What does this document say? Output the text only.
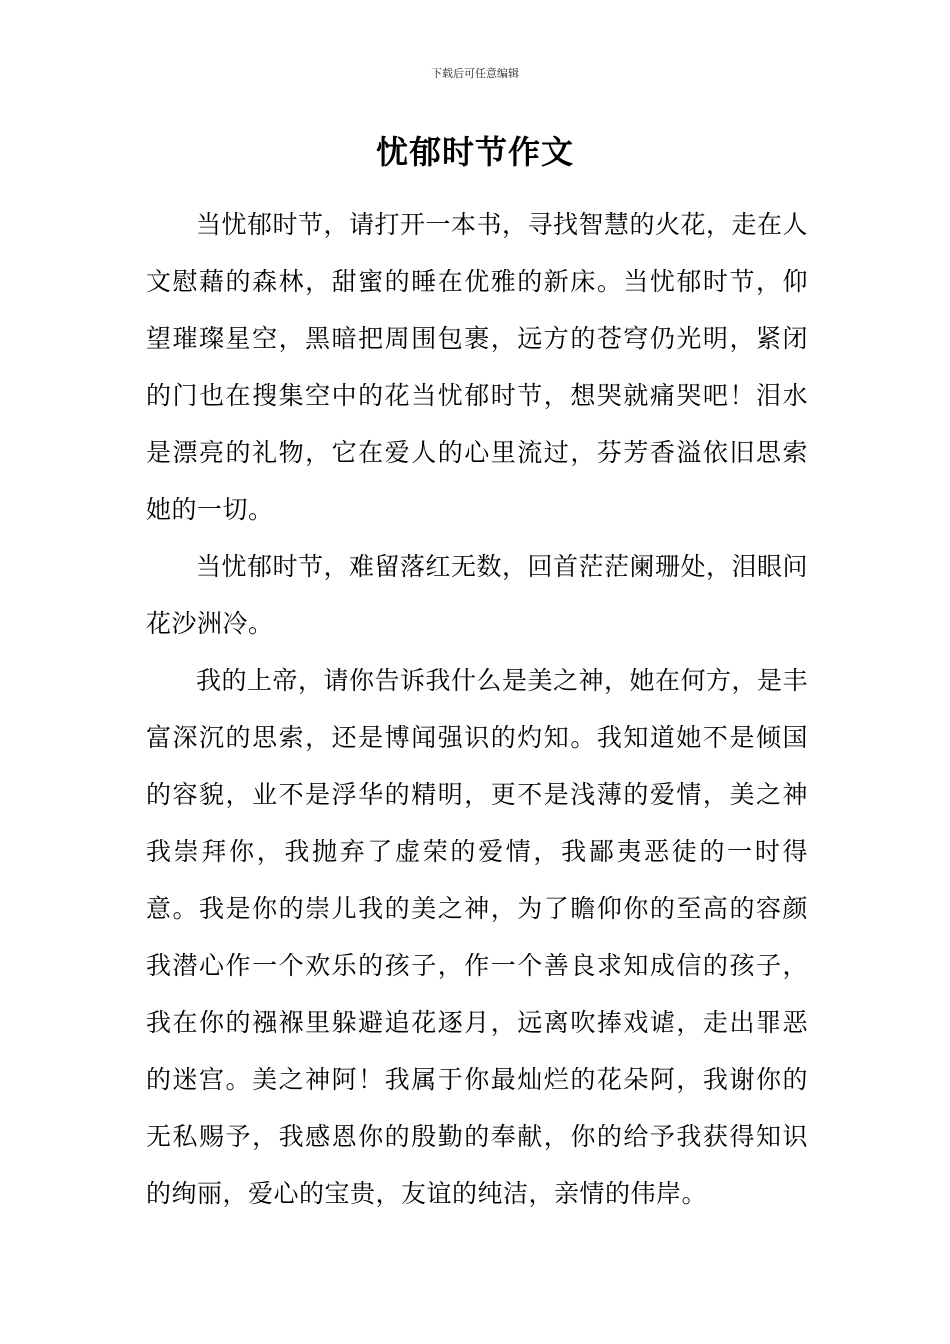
下载后可任意编辑
忧郁时节作文

当忧郁时节，请打开一本书，寻找智慧的火花，走在人文慰藉的森林，甜蜜的睡在优雅的新床。当忧郁时节，仰望璀璨星空，黑暗把周围包裹，远方的苍穹仍光明，紧闭的门也在搜集空中的花当忧郁时节，想哭就痛哭吧！泪水是漂亮的礼物，它在爱人的心里流过，芬芳香溢依旧思索她的一切。

当忧郁时节，难留落红无数，回首茫茫阑珊处，泪眼问花沙洲冷。

我的上帝，请你告诉我什么是美之神，她在何方，是丰富深沉的思索，还是博闻强识的灼知。我知道她不是倾国的容貌，业不是浮华的精明，更不是浅薄的爱情，美之神我崇拜你，我抛弃了虚荣的爱情，我鄙夷恶徒的一时得意。我是你的崇儿我的美之神，为了瞻仰你的至高的容颜我潜心作一个欢乐的孩子，作一个善良求知成信的孩子，我在你的襁褓里躲避追花逐月，远离吹捧戏谑，走出罪恶的迷宫。美之神阿！我属于你最灿烂的花朵阿，我谢你的无私赐予，我感恩你的殷勤的奉献，你的给予我获得知识的绚丽，爱心的宝贵，友谊的纯洁，亲情的伟岸。
